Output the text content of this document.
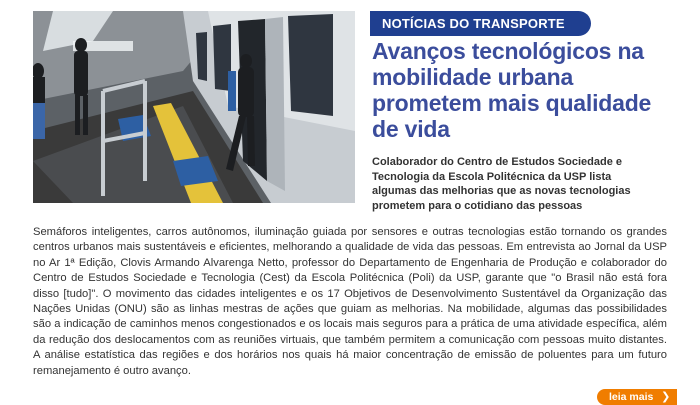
NOTÍCIAS DO TRANSPORTE
Avanços tecnológicos na mobilidade urbana prometem mais qualidade de vida

Colaborador do Centro de Estudos Sociedade e Tecnologia da Escola Politécnica da USP lista algumas das melhorias que as novas tecnologias prometem para o cotidiano das pessoas

Semáforos inteligentes, carros autônomos, iluminação guiada por sensores e outras tecnologias estão tornando os grandes centros urbanos mais sustentáveis e eficientes, melhorando a qualidade de vida das pessoas. Em entrevista ao Jornal da USP no Ar 1ª Edição, Clovis Armando Alvarenga Netto, professor do Departamento de Engenharia de Produção e colaborador do Centro de Estudos Sociedade e Tecnologia (Cest) da Escola Politécnica (Poli) da USP, garante que "o Brasil não está fora disso [tudo]". O movimento das cidades inteligentes e os 17 Objetivos de Desenvolvimento Sustentável da Organização das Nações Unidas (ONU) são as linhas mestras de ações que guiam as melhorias. Na mobilidade, algumas das possibilidades são a indicação de caminhos menos congestionados e os locais mais seguros para a prática de uma atividade específica, além da redução dos deslocamentos com as reuniões virtuais, que também permitem a comunicação com pessoas muito distantes. A análise estatística das regiões e dos horários nos quais há maior concentração de emissão de poluentes para um futuro remanejamento é outro avanço.

leia mais ❯
